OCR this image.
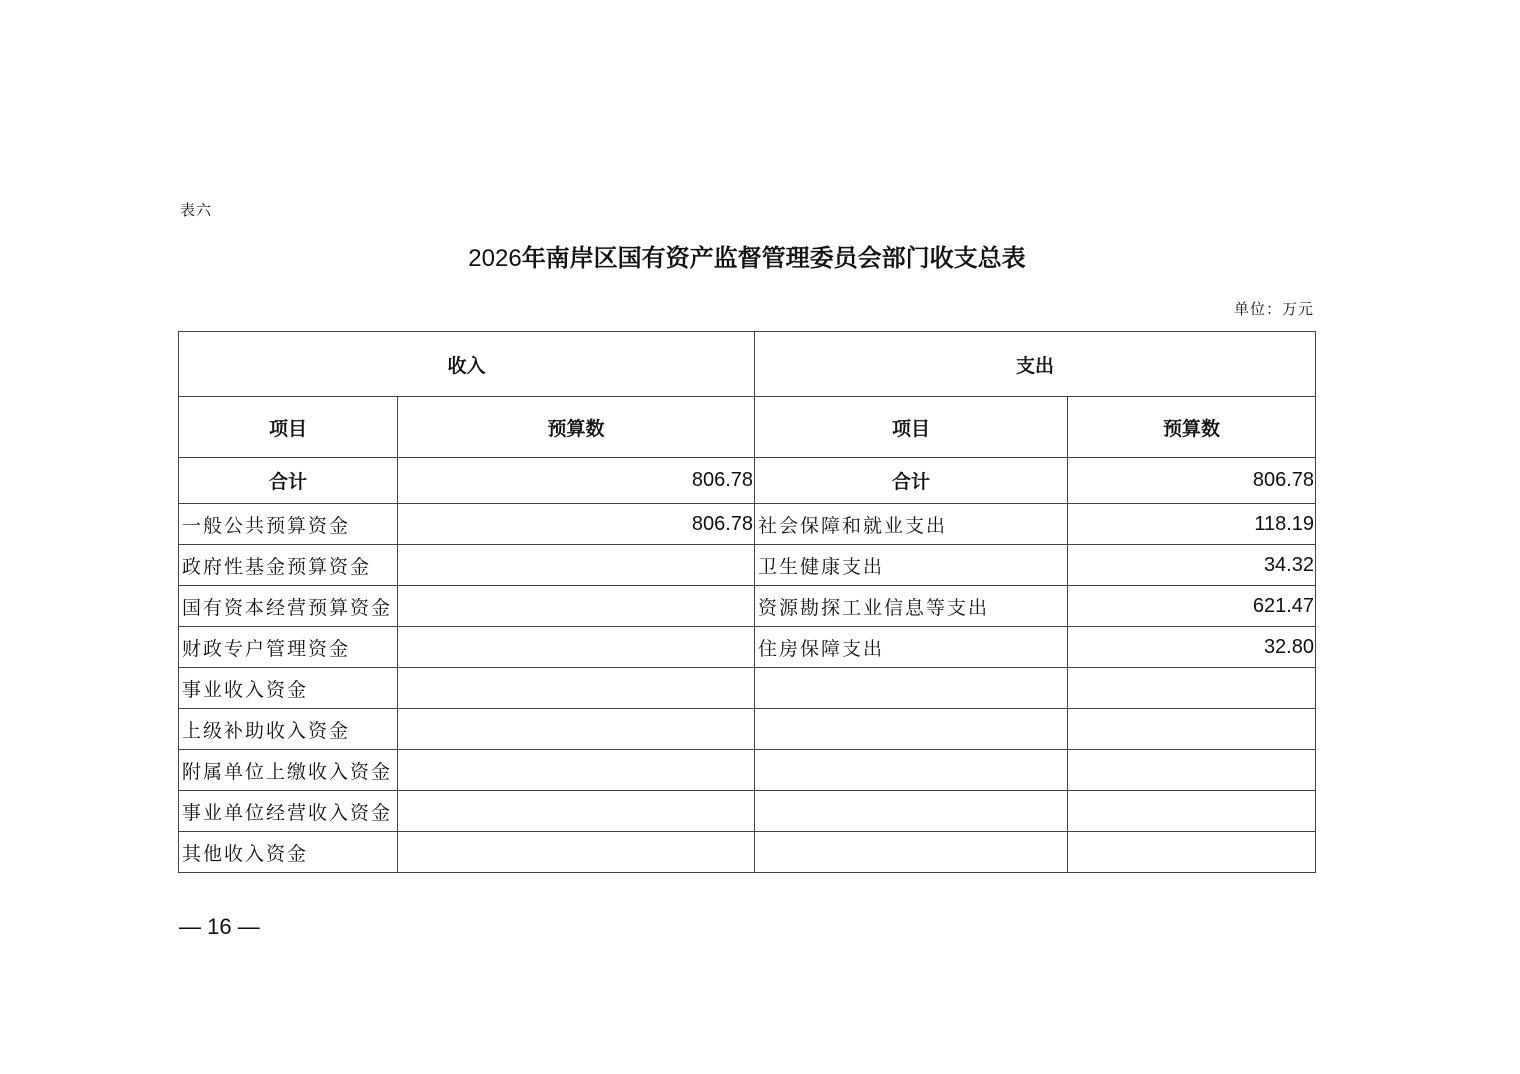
表六
2026年南岸区国有资产监督管理委员会部门收支总表
单位：万元
收入		支出	
项目	预算数	项目	预算数
合计	806.78	合计	806.78
一般公共预算资金	806.78	社会保障和就业支出	118.19
政府性基金预算资金		卫生健康支出	34.32
国有资本经营预算资金		资源勘探工业信息等支出	621.47
财政专户管理资金		住房保障支出	32.80
事业收入资金			
上级补助收入资金			
附属单位上缴收入资金			
事业单位经营收入资金			
其他收入资金			
— 16 —
